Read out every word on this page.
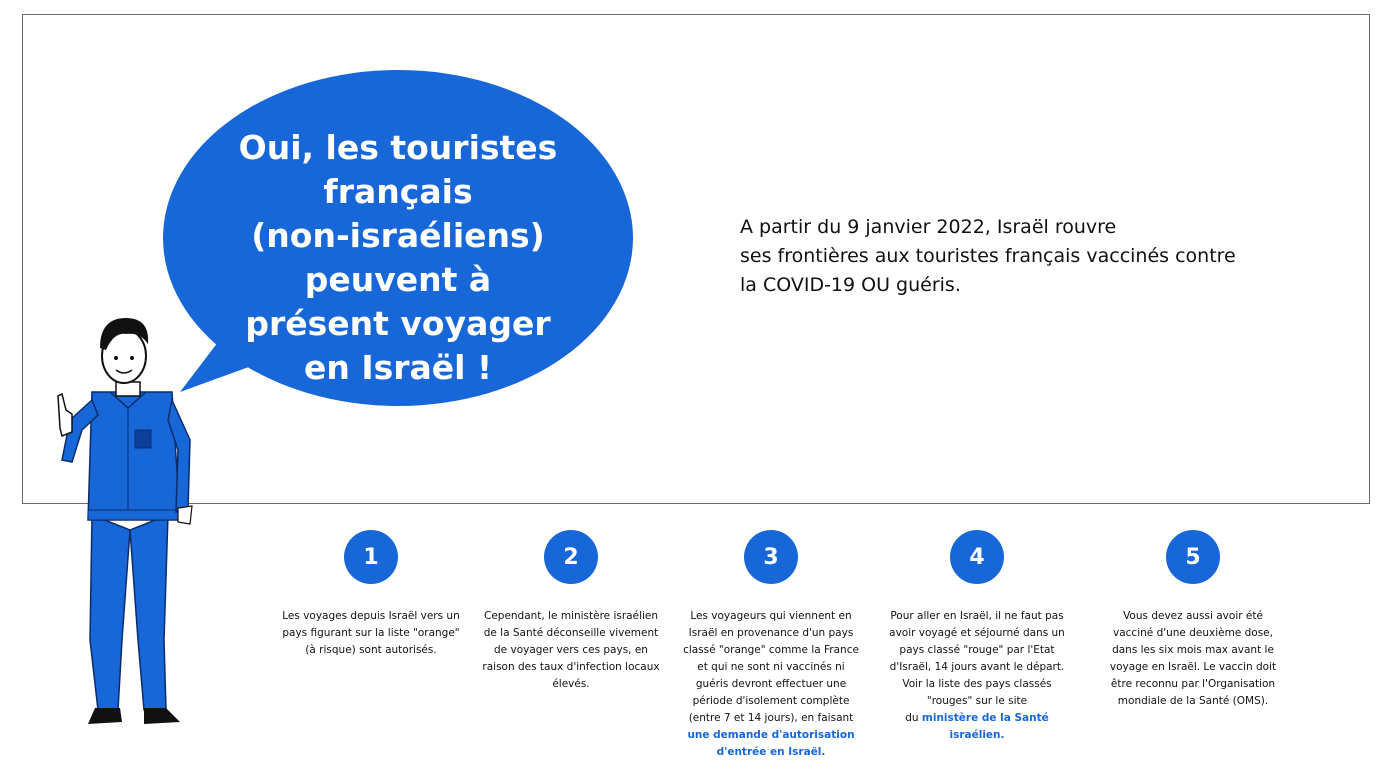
Oui, les touristes
français
(non-israéliens)
peuvent à
présent voyager
en Israël !

A partir du 9 janvier 2022, Israël rouvre
ses frontières aux touristes français vaccinés contre
la COVID-19 OU guéris.

1

Les voyages depuis Israël vers un
pays figurant sur la liste "orange"
(à risque) sont autorisés.

2

Cependant, le ministère israélien
de la Santé déconseille vivement
de voyager vers ces pays, en
raison des taux d'infection locaux
élevés.

3

Les voyageurs qui viennent en
Israël en provenance d'un pays
classé "orange" comme la France
et qui ne sont ni vaccinés ni
guéris devront effectuer une
période d'isolement complète
(entre 7 et 14 jours), en faisant
une demande d'autorisation
d'entrée en Israël.

4

Pour aller en Israël, il ne faut pas
avoir voyagé et séjourné dans un
pays classé "rouge" par l'Etat
d'Israël, 14 jours avant le départ.
Voir la liste des pays classés
"rouges" sur le site
du ministère de la Santé
israélien.

5

Vous devez aussi avoir été
vacciné d'une deuxième dose,
dans les six mois max avant le
voyage en Israël. Le vaccin doit
être reconnu par l'Organisation
mondiale de la Santé (OMS).
